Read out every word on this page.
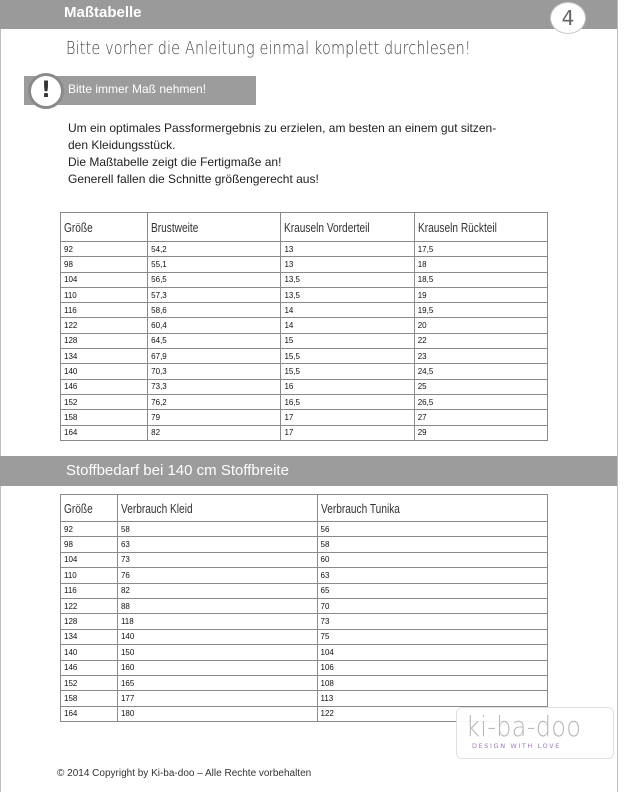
Maßtabelle	4
Bitte vorher die Anleitung einmal komplett durchlesen!
!	Bitte immer Maß nehmen!
Um ein optimales Passformergebnis zu erzielen, am besten an einem gut sitzen-
den Kleidungsstück.
Die Maßtabelle zeigt die Fertigmaße an!
Generell fallen die Schnitte größengerecht aus!
Größe	Brustweite	Krauseln Vorderteil	Krauseln Rückteil
92	54,2	13	17,5
98	55,1	13	18
104	56,5	13,5	18,5
110	57,3	13,5	19
116	58,6	14	19,5
122	60,4	14	20
128	64,5	15	22
134	67,9	15,5	23
140	70,3	15,5	24,5
146	73,3	16	25
152	76,2	16,5	26,5
158	79	17	27
164	82	17	29
Stoffbedarf bei 140 cm Stoffbreite
Größe	Verbrauch Kleid	Verbrauch Tunika
92	58	56
98	63	58
104	73	60
110	76	63
116	82	65
122	88	70
128	118	73
134	140	75
140	150	104
146	160	106
152	165	108
158	177	113
164	180	122	ki-ba-doo
DESIGN WITH LOVE
© 2014 Copyright by Ki-ba-doo – Alle Rechte vorbehalten
